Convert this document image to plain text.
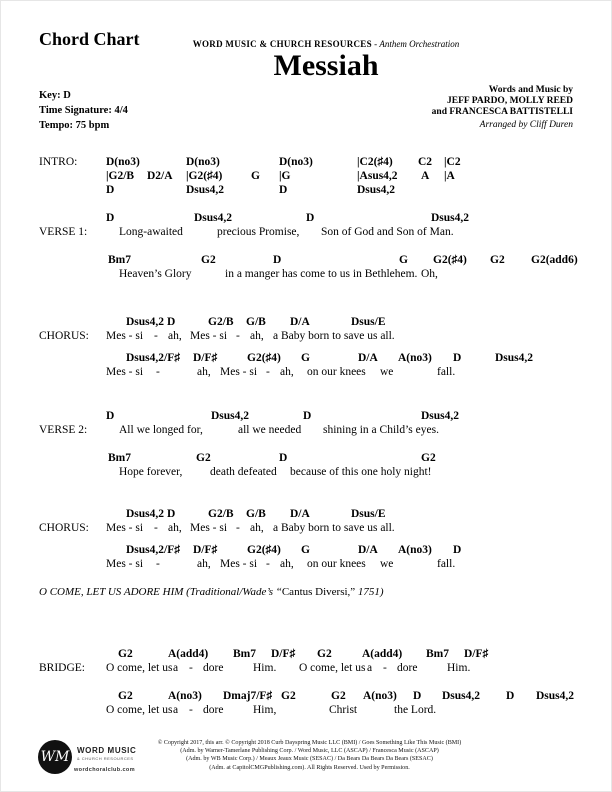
Chord Chart	WORD MUSIC & CHURCH RESOURCES - Anthem Orchestration
Messiah
Key: D
Time Signature: 4/4
Tempo: 75 bpm
Words and Music by
JEFF PARDO, MOLLY REED
and FRANCESCA BATTISTELLI
Arranged by Cliff Duren
INTRO: D(no3)	D(no3)	D(no3)	|C2(♯4) C2 |C2
|G2/B D2/A |G2(♯4) G |G	|Asus4,2 A |A
D	Dsus4,2	D	Dsus4,2
D	Dsus4,2	D	Dsus4,2
VERSE 1:	Long-awaited	precious Promise, Son of God and Son of Man.
Bm7	G2	D	G G2(♯4) G2 G2(add6)
Heaven’s Glory	in a manger has come to us in Bethlehem. Oh,
Dsus4,2 D	G2/B G/B D/A	Dsus/E
CHORUS: Mes - si - ah, Mes - si - ah, a Baby born to save us all.
Dsus4,2/F♯ D/F♯	G2(♯4) G	D/A A(no3) D	Dsus4,2
Mes - si -	ah, Mes - si - ah, on our knees we	fall.
D	Dsus4,2	D	Dsus4,2
VERSE 2:	All we longed for,	all we needed shining in a Child’s eyes.
Bm7	G2	D	G2
Hope forever, death defeated because of this one holy night!
Dsus4,2 D	G2/B G/B D/A	Dsus/E
CHORUS: Mes - si - ah, Mes - si - ah, a Baby born to save us all.
Dsus4,2/F♯ D/F♯	G2(♯4) G	D/A A(no3) D
Mes - si -	ah, Mes - si - ah, on our knees we	fall.
O COME, LET US ADORE HIM (Traditional/Wade’s “Cantus Diversi,” 1751)
G2	A(add4) Bm7 D/F♯ G2	A(add4) Bm7 D/F♯
BRIDGE: O come, let us a - dore	Him. O come, let us a - dore	Him.
G2	A(no3) Dmaj7/F♯ G2	G2 A(no3) D Dsus4,2 D Dsus4,2
O come, let us a - dore	Him,	Christ	the Lord.
WM WORD MUSIC
& CHURCH RESOURCES
wordchoralclub.com
© Copyright 2017, this arr. © Copyright 2018 Curb Dayspring Music LLC (BMI) / Goes Something Like This Music (BMI)
(Adm. by Warner-Tamerlane Publishing Corp. / Word Music, LLC (ASCAP) / Francesca Music (ASCAP)
(Adm. by WB Music Corp.) / Meaux Jeaux Music (SESAC) / Da Bears Da Bears Da Bears (SESAC)
(Adm. at CapitolCMGPublishing.com). All Rights Reserved. Used by Permission.
